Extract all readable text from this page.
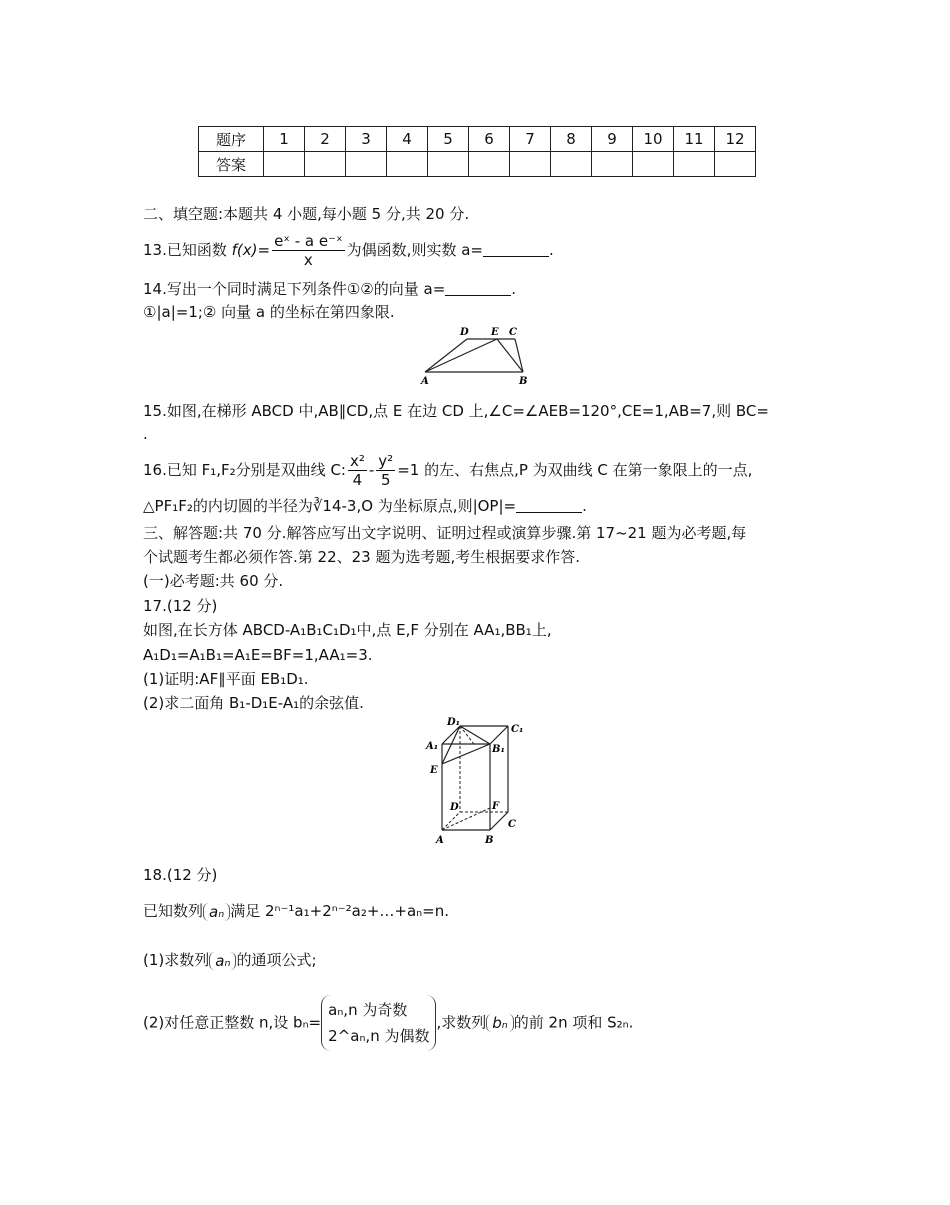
题序	1	2	3	4	5	6	7	8	9	10	11	12
答案												
二、填空题:本题共 4 小题,每小题 5 分,共 20 分.
13.已知函数 $f(x)= \frac{\text{eˣ - a e⁻ˣ}}{x}$ 为偶函数,则实数 a=	.
14.写出一个同时满足下列条件①②的向量 a=	.
①|a|=1;② 向量 a 的坐标在第四象限.
D E C
A	B
15.如图,在梯形 ABCD 中,AB∥CD,点 E 在边 CD 上,∠C=∠AEB=120°,CE=1,AB=7,则 BC=
.
16.已知 F₁,F₂分别是双曲线 C: $\frac{\text{x²}}{4} - \frac{\text{y²}}{5} =1$ 的左、右焦点,P 为双曲线 C 在第一象限上的一点,
△PF₁F₂的内切圆的半径为∛14-3,O 为坐标原点,则|OP|=	.
三、解答题:共 70 分.解答应写出文字说明、证明过程或演算步骤.第 17~21 题为必考题,每
个试题考生都必须作答.第 22、23 题为选考题,考生根据要求作答.
(一)必考题:共 60 分.
17.(12 分)
如图,在长方体 ABCD-A₁B₁C₁D₁中,点 E,F 分别在 AA₁,BB₁上,
A₁D₁=A₁B₁=A₁E=BF=1,AA₁=3.
(1)证明:AF∥平面 EB₁D₁.
(2)求二面角 B₁-D₁E-A₁的余弦值.
D₁
C₁
A₁	B₁
E
D	F
C
A	B
18.(12 分)
已知数列 aₙ 满足 2ⁿ⁻¹a₁+2ⁿ⁻²a₂+…+aₙ=n.
(1)求数列 aₙ 的通项公式;
(2)对任意正整数 n,设 bₙ=
aₙ,n 为奇数
2^aₙ,n 为偶数
,求数列 bₙ 的前 2n 项和 S₂ₙ.
